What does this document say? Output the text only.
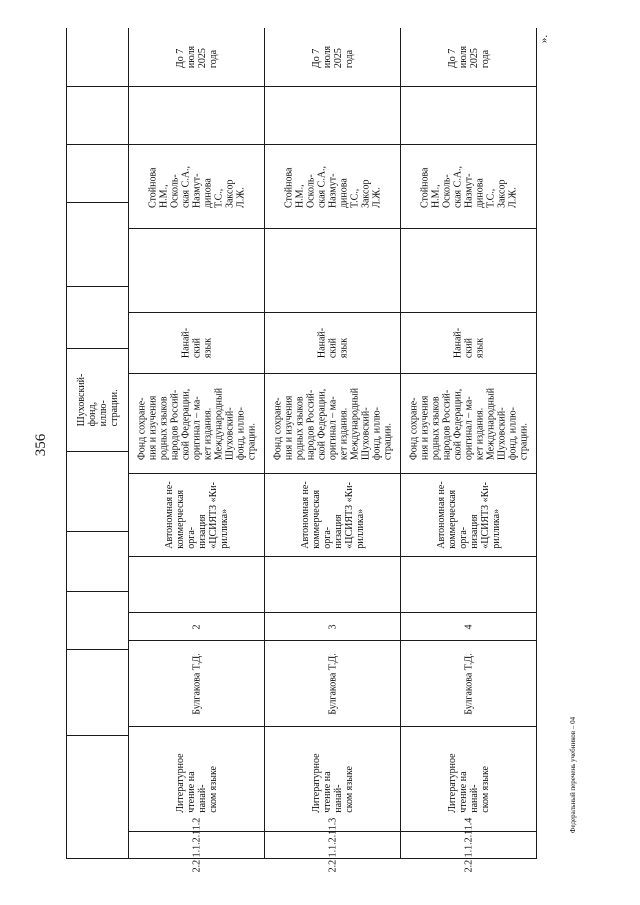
356
Шуховский-
фонд, иллю-
страции.
До 7
июля
2025
года
Стойнова
Н.М.,
Осколь-
ская С.А.,
Назмут-
динова
Т.С.,
Заксор
Л.Ж.
Нанай-
ский
язык
Фонд сохране-
ния и изучения
родных языков
народов Россий-
ской Федерации,
оригинал – ма-
кет издания.
Международный
Шуховский-
фонд, иллю-
страции.
Автономная не-
коммерческая орга-
низация
«ЦСИЯТЗ «Ки-
риллика»
2
Булгакова Т.Д.
Литературное
чтение на нанай-
ском языке
2.2.1.1.2.11.2
До 7
июля
2025
года
Стойнова
Н.М.,
Осколь-
ская С.А.,
Назмут-
динова
Т.С.,
Заксор
Л.Ж.
Нанай-
ский
язык
Фонд сохране-
ния и изучения
родных языков
народов Россий-
ской Федерации,
оригинал – ма-
кет издания.
Международный
Шуховский-
фонд, иллю-
страции.
Автономная не-
коммерческая орга-
низация
«ЦСИЯТЗ «Ки-
риллика»
3
Булгакова Т.Д.
Литературное
чтение на нанай-
ском языке
2.2.1.1.2.11.3
До 7
июля
2025
года
Стойнова
Н.М.,
Осколь-
ская С.А.,
Назмут-
динова
Т.С.,
Заксор
Л.Ж.
Нанай-
ский
язык
Фонд сохране-
ния и изучения
родных языков
народов Россий-
ской Федерации,
оригинал – ма-
кет издания.
Международный
Шуховский-
фонд, иллю-
страции.
Автономная не-
коммерческая орга-
низация
«ЦСИЯТЗ «Ки-
риллика»
4
Булгакова Т.Д.
Литературное
чтение на нанай-
ском языке
2.2.1.1.2.11.4
».
Федеральный перечень учебников – 04
